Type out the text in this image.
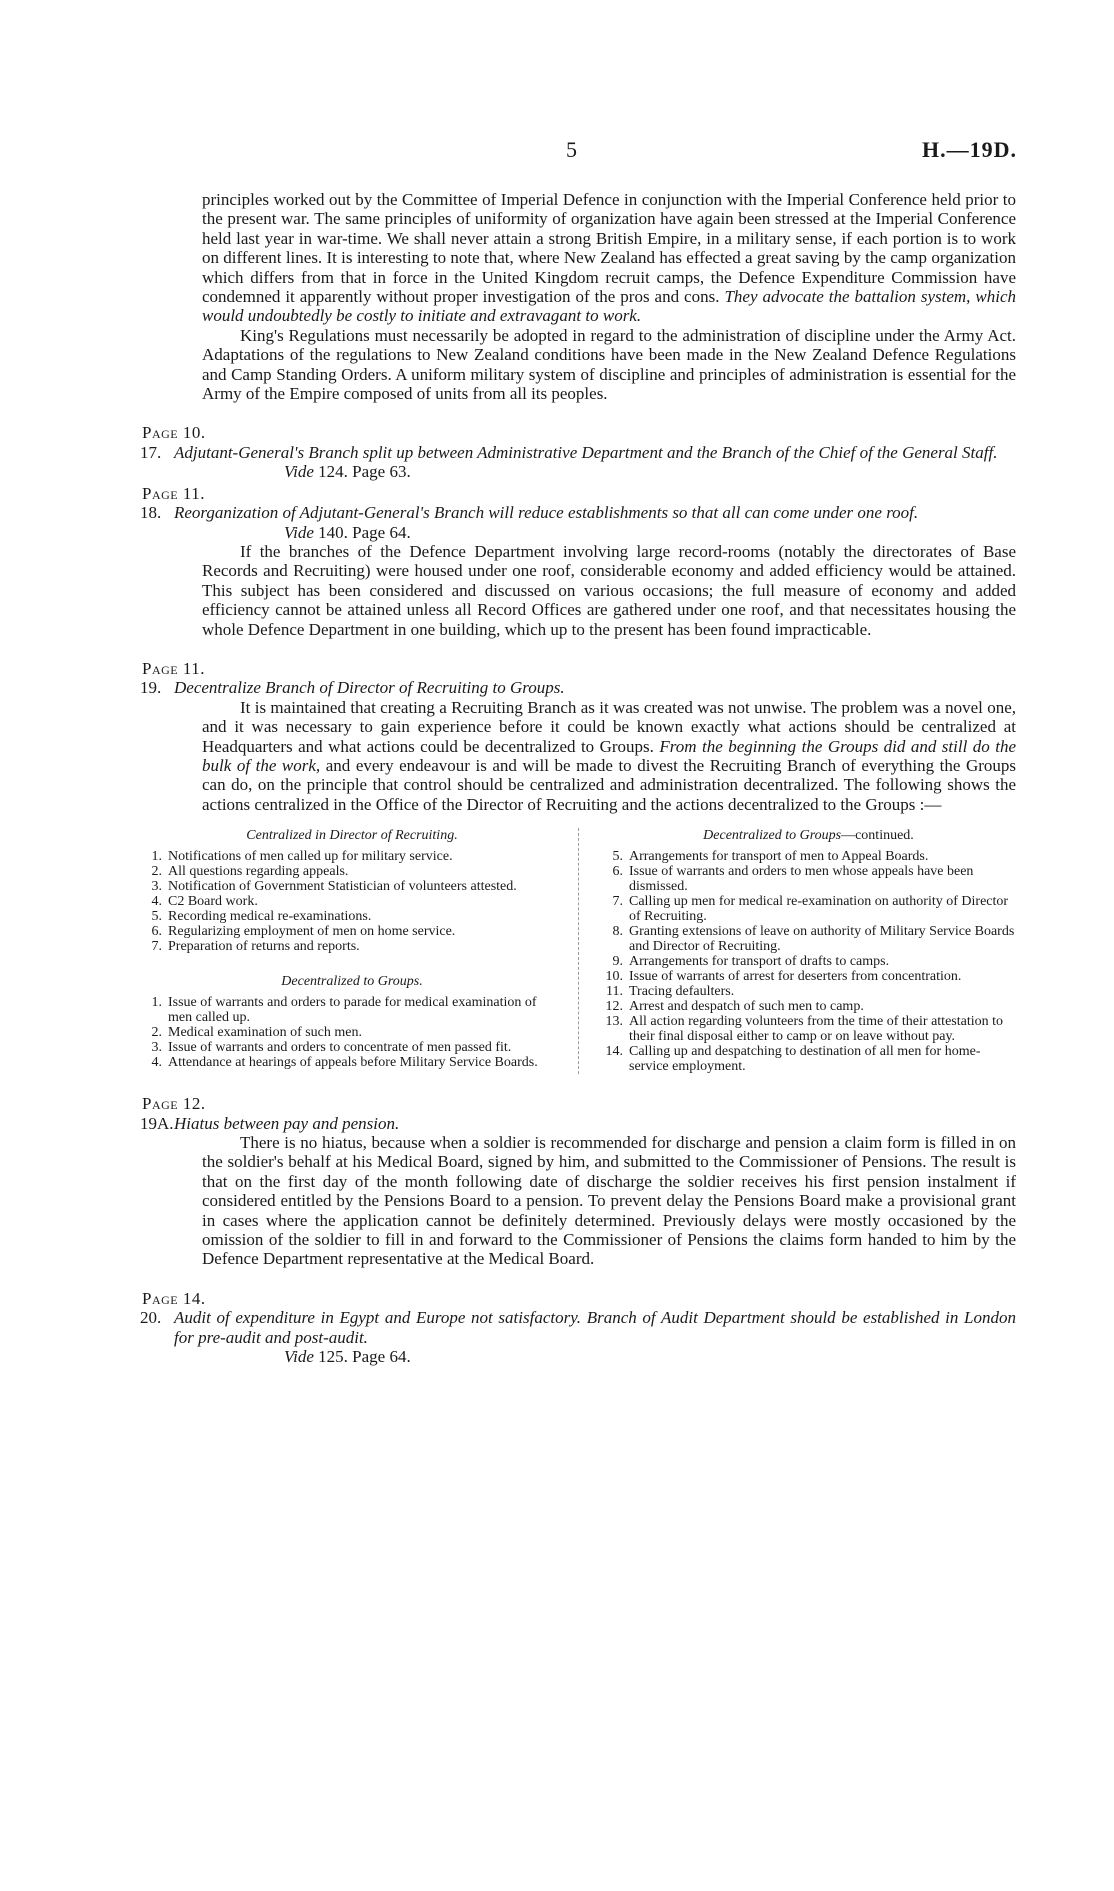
5	H.—19D.

principles worked out by the Committee of Imperial Defence in conjunction with the Imperial Conference held prior to the present war. The same principles of uniformity of organization have again been stressed at the Imperial Conference held last year in war-time. We shall never attain a strong British Empire, in a military sense, if each portion is to work on different lines. It is interesting to note that, where New Zealand has effected a great saving by the camp organization which differs from that in force in the United Kingdom recruit camps, the Defence Expenditure Commission have condemned it apparently without proper investigation of the pros and cons. They advocate the battalion system, which would undoubtedly be costly to initiate and extravagant to work.

King's Regulations must necessarily be adopted in regard to the administration of discipline under the Army Act. Adaptations of the regulations to New Zealand conditions have been made in the New Zealand Defence Regulations and Camp Standing Orders. A uniform military system of discipline and principles of administration is essential for the Army of the Empire composed of units from all its peoples.

Page 10.
17. Adjutant-General's Branch split up between Administrative Department and the Branch of the Chief of the General Staff.

Vide 124. Page 63.

Page 11.
18. Reorganization of Adjutant-General's Branch will reduce establishments so that all can come under one roof.

Vide 140. Page 64.

If the branches of the Defence Department involving large record-rooms (notably the directorates of Base Records and Recruiting) were housed under one roof, considerable economy and added efficiency would be attained. This subject has been considered and discussed on various occasions; the full measure of economy and added efficiency cannot be attained unless all Record Offices are gathered under one roof, and that necessitates housing the whole Defence Department in one building, which up to the present has been found impracticable.

Page 11.
19. Decentralize Branch of Director of Recruiting to Groups.

It is maintained that creating a Recruiting Branch as it was created was not unwise. The problem was a novel one, and it was necessary to gain experience before it could be known exactly what actions should be centralized at Headquarters and what actions could be decentralized to Groups. From the beginning the Groups did and still do the bulk of the work, and every endeavour is and will be made to divest the Recruiting Branch of everything the Groups can do, on the principle that control should be centralized and administration decentralized. The following shows the actions centralized in the Office of the Director of Recruiting and the actions decentralized to the Groups :—

Centralized in Director of Recruiting.
1. Notifications of men called up for military service.
2. All questions regarding appeals.
3. Notification of Government Statistician of volunteers attested.
4. C2 Board work.
5. Recording medical re-examinations.
6. Regularizing employment of men on home service.
7. Preparation of returns and reports.
Decentralized to Groups.
1. Issue of warrants and orders to parade for medical examination of men called up.
2. Medical examination of such men.
3. Issue of warrants and orders to concentrate of men passed fit.
4. Attendance at hearings of appeals before Military Service Boards.
Decentralized to Groups—continued.
5. Arrangements for transport of men to Appeal Boards.
6. Issue of warrants and orders to men whose appeals have been dismissed.
7. Calling up men for medical re-examination on authority of Director of Recruiting.
8. Granting extensions of leave on authority of Military Service Boards and Director of Recruiting.
9. Arrangements for transport of drafts to camps.
10. Issue of warrants of arrest for deserters from concentration.
11. Tracing defaulters.
12. Arrest and despatch of such men to camp.
13. All action regarding volunteers from the time of their attestation to their final disposal either to camp or on leave without pay.
14. Calling up and despatching to destination of all men for home-service employment.
Page 12.
19A. Hiatus between pay and pension.

There is no hiatus, because when a soldier is recommended for discharge and pension a claim form is filled in on the soldier's behalf at his Medical Board, signed by him, and submitted to the Commissioner of Pensions. The result is that on the first day of the month following date of discharge the soldier receives his first pension instalment if considered entitled by the Pensions Board to a pension. To prevent delay the Pensions Board make a provisional grant in cases where the application cannot be definitely determined. Previously delays were mostly occasioned by the omission of the soldier to fill in and forward to the Commissioner of Pensions the claims form handed to him by the Defence Department representative at the Medical Board.

Page 14.
20. Audit of expenditure in Egypt and Europe not satisfactory. Branch of Audit Department should be established in London for pre-audit and post-audit.

Vide 125. Page 64.
